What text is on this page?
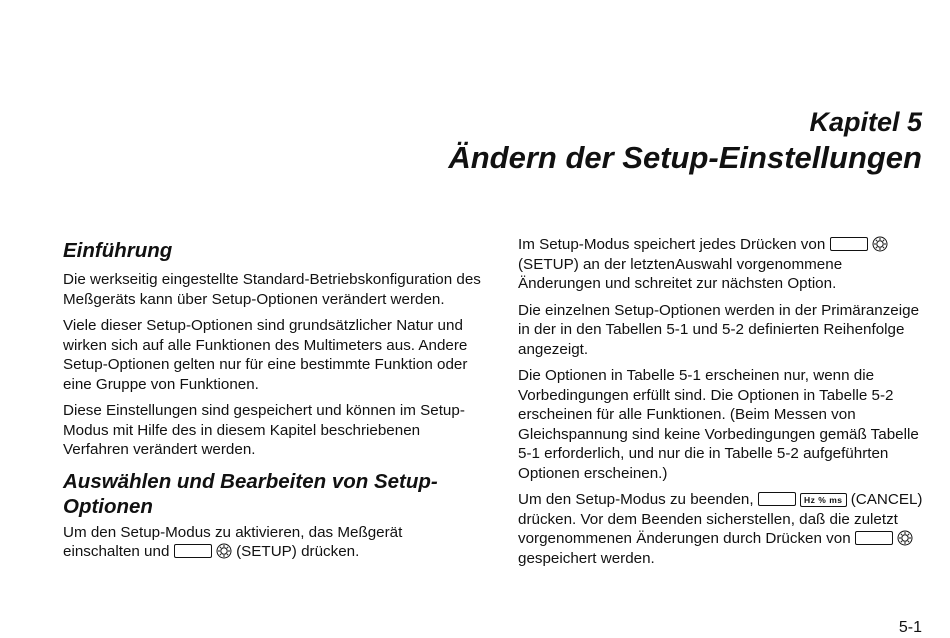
Kapitel 5
Ändern der Setup-Einstellungen
Einführung

Die werkseitig eingestellte Standard-Betriebskonfiguration des Meßgeräts kann über Setup-Optionen verändert werden.

Viele dieser Setup-Optionen sind grundsätzlicher Natur und wirken sich auf alle Funktionen des Multimeters aus. Andere Setup-Optionen gelten nur für eine bestimmte Funktion oder eine Gruppe von Funktionen.

Diese Einstellungen sind gespeichert und können im Setup-Modus mit Hilfe des in diesem Kapitel beschriebenen Verfahren verändert werden.

Auswählen und Bearbeiten von Setup-Optionen

Um den Setup-Modus zu aktivieren, das Meßgerät einschalten und	(SETUP) drücken.

Im Setup-Modus speichert jedes Drücken von   (SETUP) an der letztenAuswahl vorgenommene Änderungen und schreitet zur nächsten Option.

Die einzelnen Setup-Optionen werden in der Primäranzeige in der in den Tabellen 5-1 und 5-2 definierten Reihenfolge angezeigt.

Die Optionen in Tabelle 5-1 erscheinen nur, wenn die Vorbedingungen erfüllt sind. Die Optionen in Tabelle 5-2 erscheinen für alle Funktionen. (Beim Messen von Gleichspannung sind keine Vorbedingungen gemäß Tabelle 5-1 erforderlich, und nur die in Tabelle 5-2 aufgeführten Optionen erscheinen.)

Um den Setup-Modus zu beenden,	Hz % ms (CANCEL) drücken. Vor dem Beenden sicherstellen, daß die zuletzt vorgenommenen Änderungen durch Drücken von   gespeichert werden.

5-1
